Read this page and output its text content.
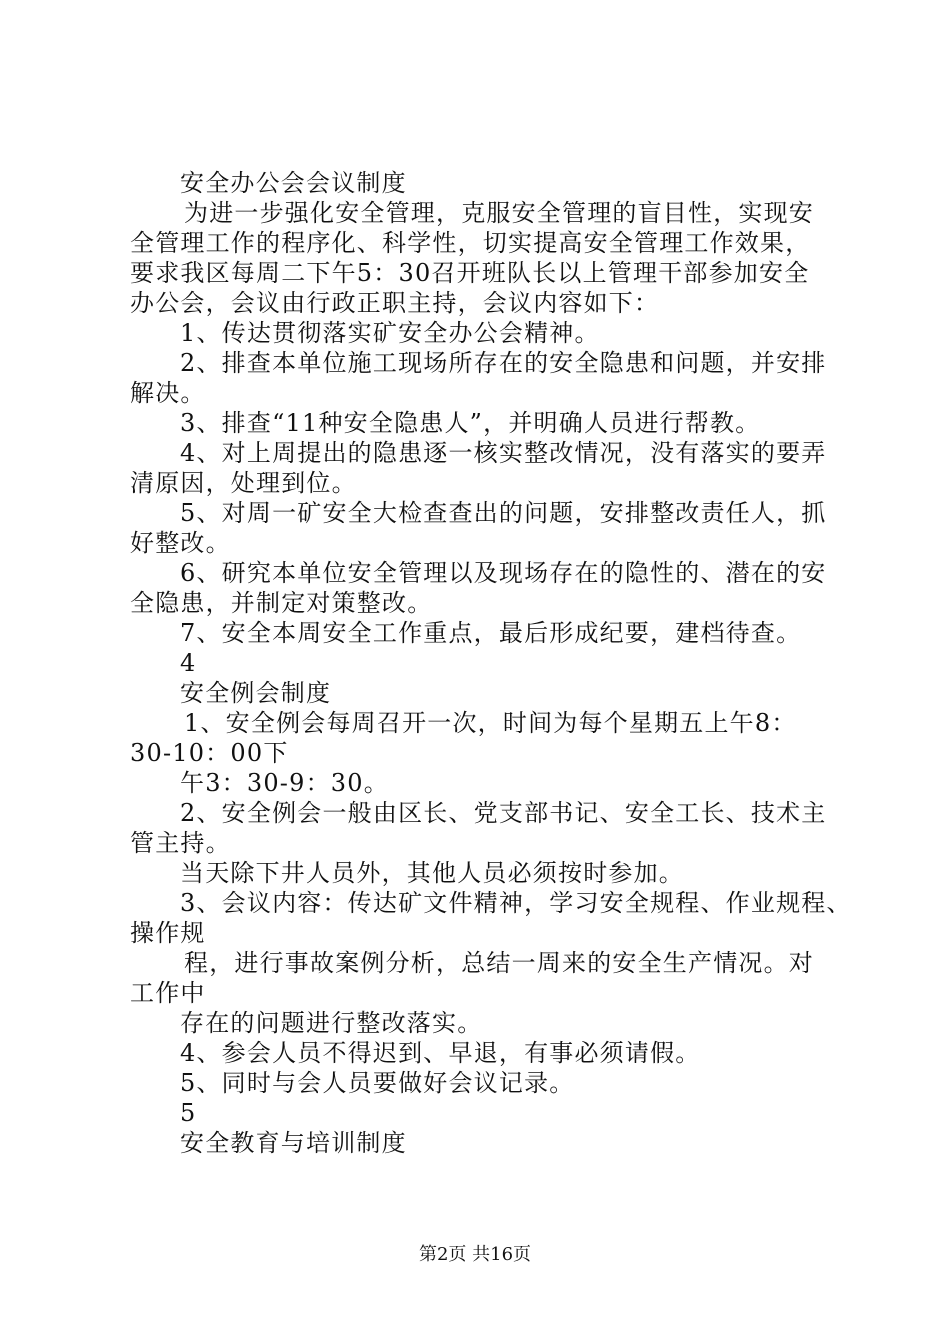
安全办公会会议制度

为进一步强化安全管理，克服安全管理的盲目性，实现安

全管理工作的程序化、科学性，切实提高安全管理工作效果，

要求我区每周二下午5：30召开班队长以上管理干部参加安全

办公会，会议由行政正职主持，会议内容如下：

1、传达贯彻落实矿安全办公会精神。

2、排查本单位施工现场所存在的安全隐患和问题，并安排

解决。

3、排查“11种安全隐患人”，并明确人员进行帮教。

4、对上周提出的隐患逐一核实整改情况，没有落实的要弄

清原因，处理到位。

5、对周一矿安全大检查查出的问题，安排整改责任人，抓

好整改。

6、研究本单位安全管理以及现场存在的隐性的、潜在的安

全隐患，并制定对策整改。

7、安全本周安全工作重点，最后形成纪要，建档待查。

4

安全例会制度

1、安全例会每周召开一次，时间为每个星期五上午8：

30-10：00下

午3：30-9：30。

2、安全例会一般由区长、党支部书记、安全工长、技术主

管主持。

当天除下井人员外，其他人员必须按时参加。

3、会议内容：传达矿文件精神，学习安全规程、作业规程、

操作规

程，进行事故案例分析，总结一周来的安全生产情况。对

工作中

存在的问题进行整改落实。

4、参会人员不得迟到、早退，有事必须请假。

5、同时与会人员要做好会议记录。

5

安全教育与培训制度

第2页 共16页
